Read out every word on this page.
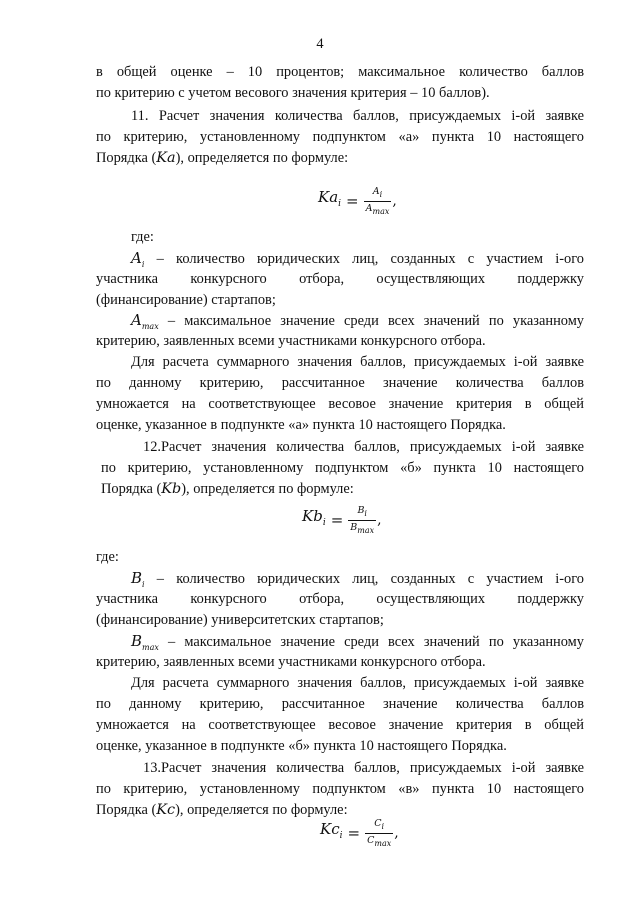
4
в общей оценке – 10 процентов; максимальное количество баллов
по критерию с учетом весового значения критерия – 10 баллов).
11. Расчет значения количества баллов, присуждаемых i-ой заявке
по критерию, установленному подпунктом «а» пункта 10 настоящего
Порядка (Ka), определяется по формуле:
$Ka_i = \frac{A_i}{A_{max}}$ ,
где:
$A_i$ – количество юридических лиц, созданных с участием i-ого
участника конкурсного отбора, осуществляющих поддержку
(финансирование) стартапов;
$A_{max}$ – максимальное значение среди всех значений по указанному
критерию, заявленных всеми участниками конкурсного отбора.
Для расчета суммарного значения баллов, присуждаемых i-ой заявке
по данному критерию, рассчитанное значение количества баллов
умножается на соответствующее весовое значение критерия в общей
оценке, указанное в подпункте «а» пункта 10 настоящего Порядка.
12.Расчет значения количества баллов, присуждаемых i-ой заявке
по критерию, установленному подпунктом «б» пункта 10 настоящего
Порядка (Kb), определяется по формуле:
$Kb_i = \frac{B_i}{B_{max}}$ ,
где:
$B_i$ – количество юридических лиц, созданных с участием i-ого
участника конкурсного отбора, осуществляющих поддержку
(финансирование) университетских стартапов;
$B_{max}$ – максимальное значение среди всех значений по указанному
критерию, заявленных всеми участниками конкурсного отбора.
Для расчета суммарного значения баллов, присуждаемых i-ой заявке
по данному критерию, рассчитанное значение количества баллов
умножается на соответствующее весовое значение критерия в общей
оценке, указанное в подпункте «б» пункта 10 настоящего Порядка.
13.Расчет значения количества баллов, присуждаемых i-ой заявке
по критерию, установленному подпунктом «в» пункта 10 настоящего
Порядка (Kc), определяется по формуле:
$Kc_i = \frac{C_i}{C_{max}}$ ,
